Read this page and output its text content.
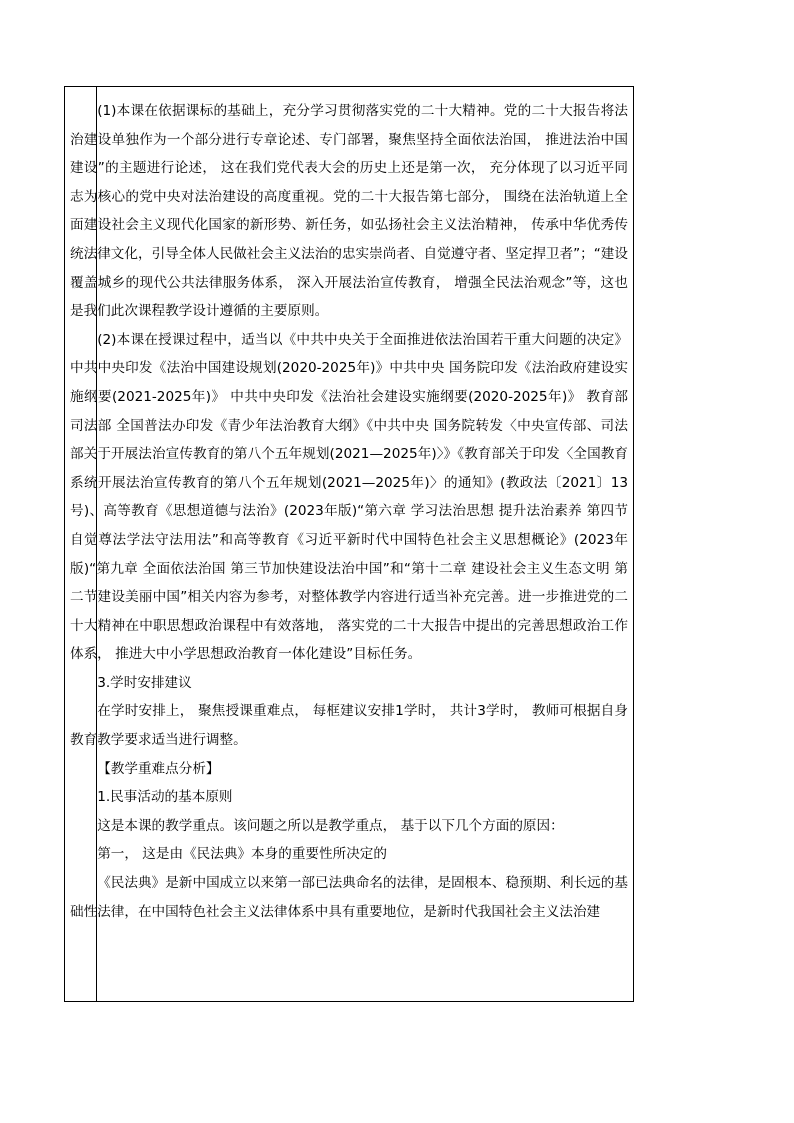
(1)本课在依据课标的基础上，充分学习贯彻落实党的二十大精神。党的二十大报告将法治建设单独作为一个部分进行专章论述、专门部署，聚焦坚持全面依法治国， 推进法治中国建设”的主题进行论述， 这在我们党代表大会的历史上还是第一次， 充分体现了以习近平同志为核心的党中央对法治建设的高度重视。党的二十大报告第七部分， 围绕在法治轨道上全面建设社会主义现代化国家的新形势、新任务，如弘扬社会主义法治精神， 传承中华优秀传统法律文化，引导全体人民做社会主义法治的忠实崇尚者、自觉遵守者、坚定捍卫者”；“建设覆盖城乡的现代公共法律服务体系， 深入开展法治宣传教育， 增强全民法治观念”等，这也是我们此次课程教学设计遵循的主要原则。

(2)本课在授课过程中，适当以《中共中央关于全面推进依法治国若干重大问题的决定》中共中央印发《法治中国建设规划(2020-2025年)》中共中央 国务院印发《法治政府建设实施纲要(2021-2025年)》 中共中央印发《法治社会建设实施纲要(2020-2025年)》 教育部 司法部 全国普法办印发《青少年法治教育大纲》《中共中央 国务院转发〈中央宣传部、司法部关于开展法治宣传教育的第八个五年规划(2021—2025年)〉》《教育部关于印发〈全国教育系统开展法治宣传教育的第八个五年规划(2021—2025年)〉的通知》(教政法〔2021〕13号)、高等教育《思想道德与法治》(2023年版)“第六章 学习法治思想 提升法治素养 第四节 自觉尊法学法守法用法”和高等教育《习近平新时代中国特色社会主义思想概论》(2023年版)“第九章 全面依法治国 第三节加快建设法治中国”和“第十二章 建设社会主义生态文明 第二节建设美丽中国”相关内容为参考，对整体教学内容进行适当补充完善。进一步推进党的二十大精神在中职思想政治课程中有效落地， 落实党的二十大报告中提出的完善思想政治工作体系， 推进大中小学思想政治教育一体化建设”目标任务。

3.学时安排建议

在学时安排上， 聚焦授课重难点， 每框建议安排1学时， 共计3学时， 教师可根据自身教育教学要求适当进行调整。

【教学重难点分析】

1.民事活动的基本原则

这是本课的教学重点。该问题之所以是教学重点， 基于以下几个方面的原因：

第一， 这是由《民法典》本身的重要性所决定的

《民法典》是新中国成立以来第一部已法典命名的法律，是固根本、稳预期、利长远的基础性法律，在中国特色社会主义法律体系中具有重要地位，是新时代我国社会主义法治建
